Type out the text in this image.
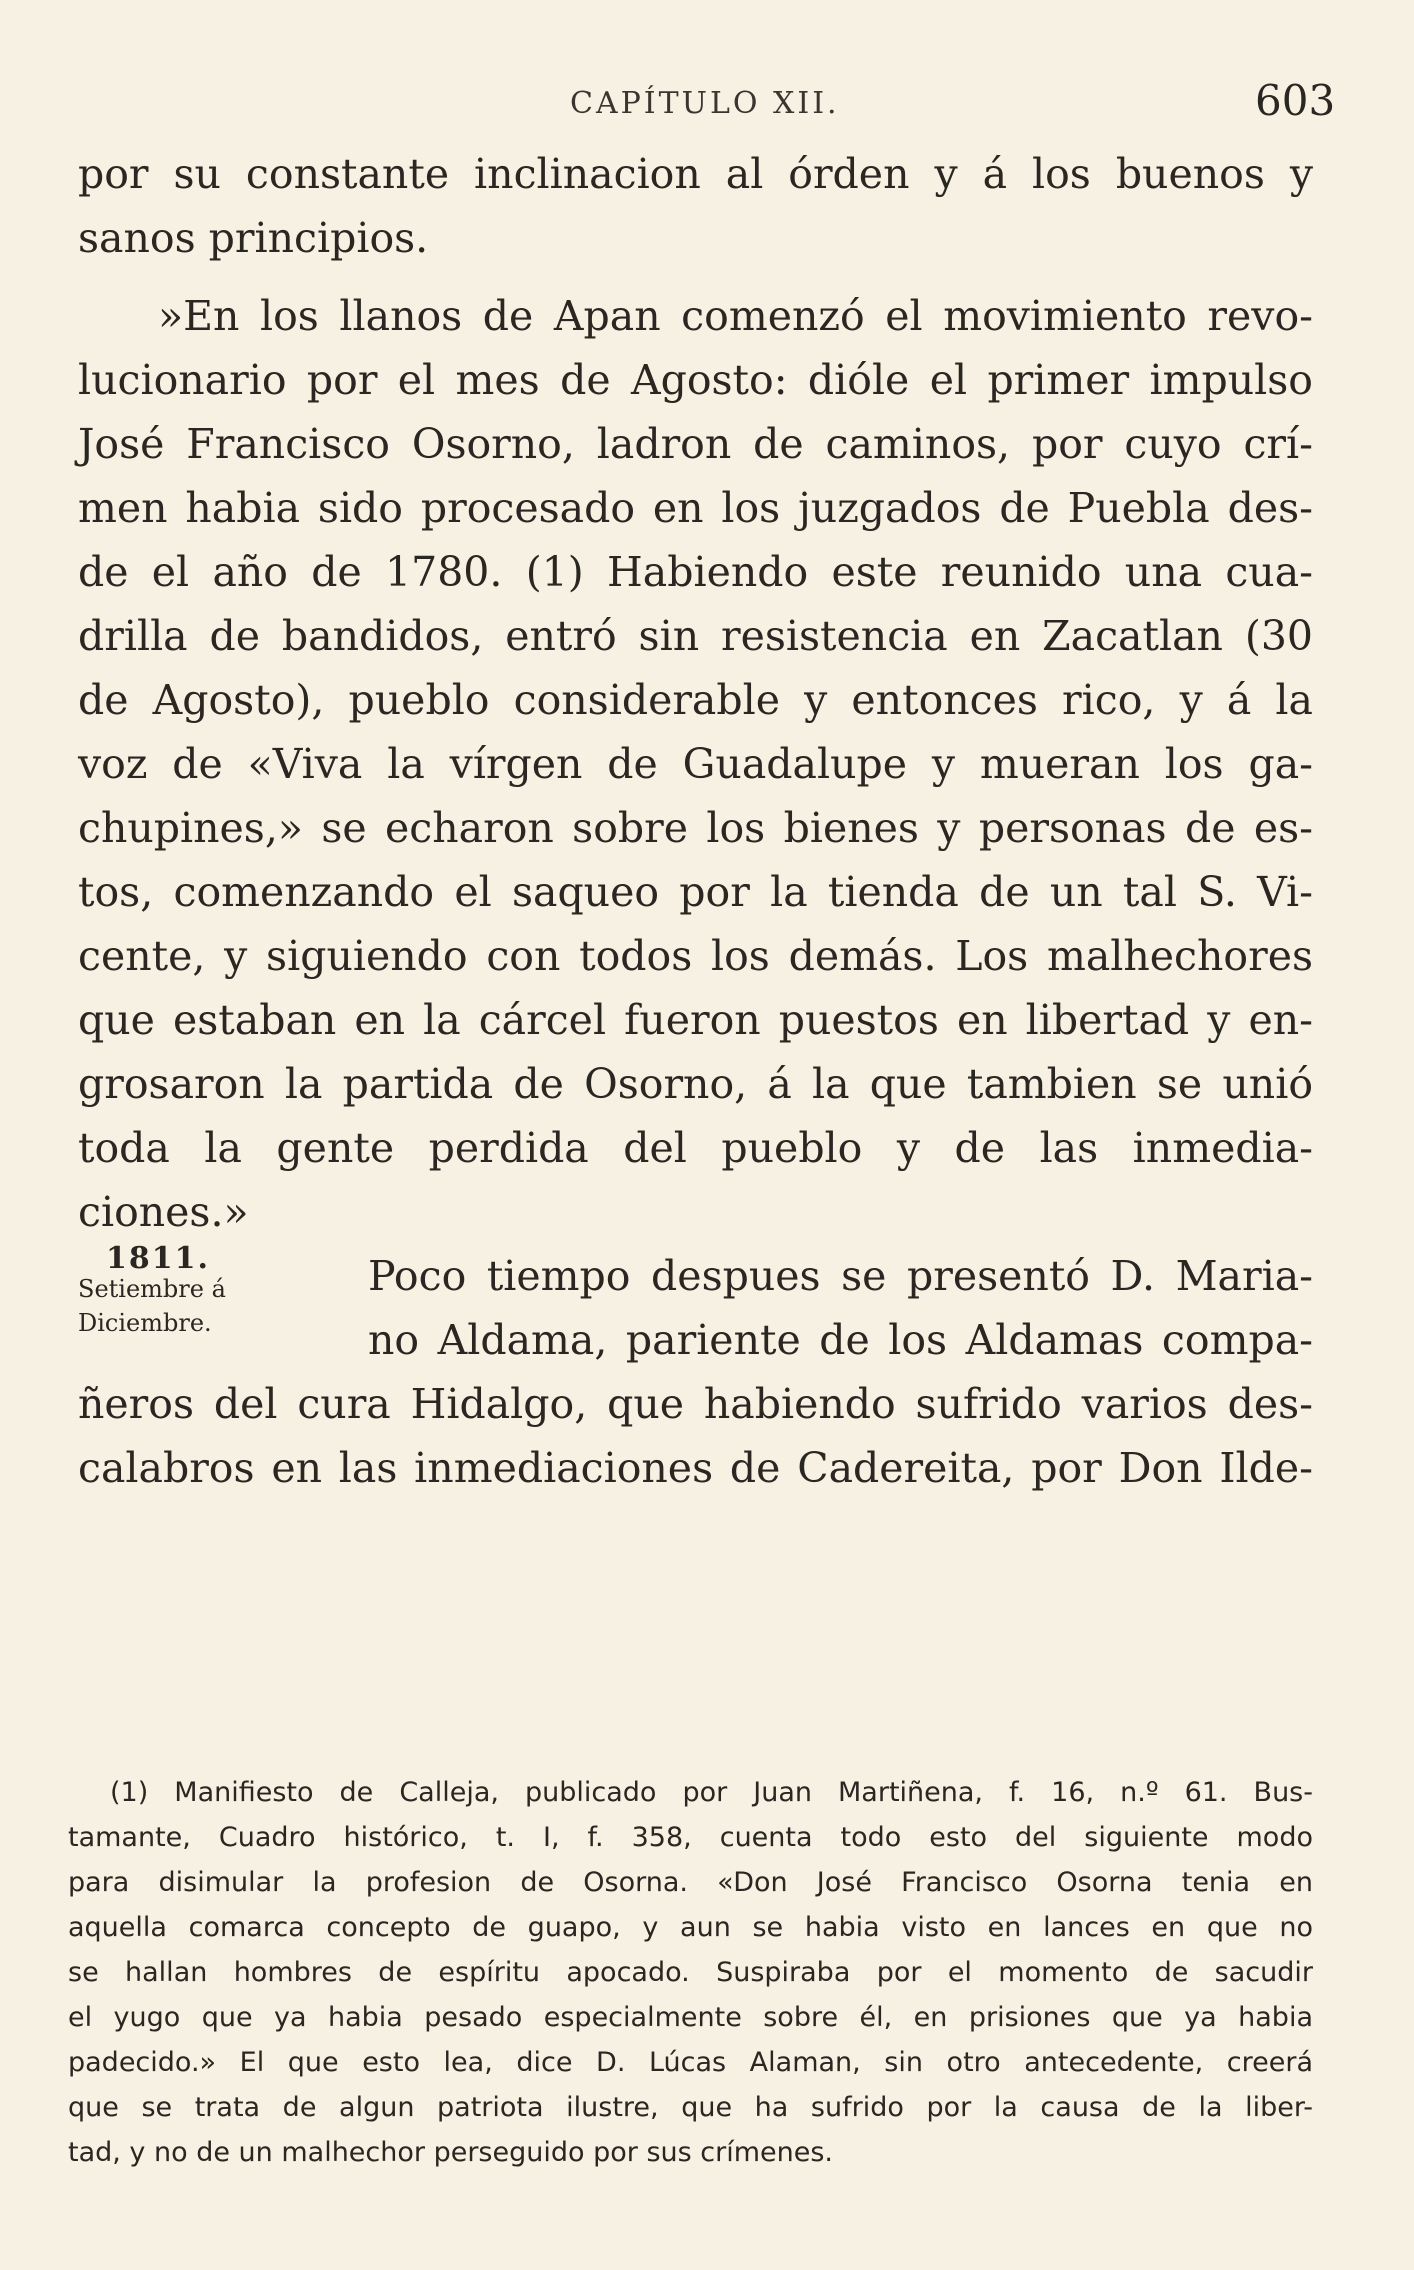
CAPÍTULO XII.	603
por su constante inclinacion al órden y á los buenos y
sanos principios.
»En los llanos de Apan comenzó el movimiento revo-
lucionario por el mes de Agosto: dióle el primer impulso
José Francisco Osorno, ladron de caminos, por cuyo crí-
men habia sido procesado en los juzgados de Puebla des-
de el año de 1780. (1) Habiendo este reunido una cua-
drilla de bandidos, entró sin resistencia en Zacatlan (30
de Agosto), pueblo considerable y entonces rico, y á la
voz de «Viva la vírgen de Guadalupe y mueran los ga-
chupines,» se echaron sobre los bienes y personas de es-
tos, comenzando el saqueo por la tienda de un tal S. Vi-
cente, y siguiendo con todos los demás. Los malhechores
que estaban en la cárcel fueron puestos en libertad y en-
grosaron la partida de Osorno, á la que tambien se unió
toda la gente perdida del pueblo y de las inmedia-
ciones.»
1811.
Setiembre á
Diciembre.
Poco tiempo despues se presentó D. Maria-
no Aldama, pariente de los Aldamas compa-
ñeros del cura Hidalgo, que habiendo sufrido varios des-
calabros en las inmediaciones de Cadereita, por Don Ilde-
(1) Manifiesto de Calleja, publicado por Juan Martiñena, f. 16, n.º 61. Bus-
tamante, Cuadro histórico, t. I, f. 358, cuenta todo esto del siguiente modo
para disimular la profesion de Osorna. «Don José Francisco Osorna tenia en
aquella comarca concepto de guapo, y aun se habia visto en lances en que no
se hallan hombres de espíritu apocado. Suspiraba por el momento de sacudir
el yugo que ya habia pesado especialmente sobre él, en prisiones que ya habia
padecido.» El que esto lea, dice D. Lúcas Alaman, sin otro antecedente, creerá
que se trata de algun patriota ilustre, que ha sufrido por la causa de la liber-
tad, y no de un malhechor perseguido por sus crímenes.
